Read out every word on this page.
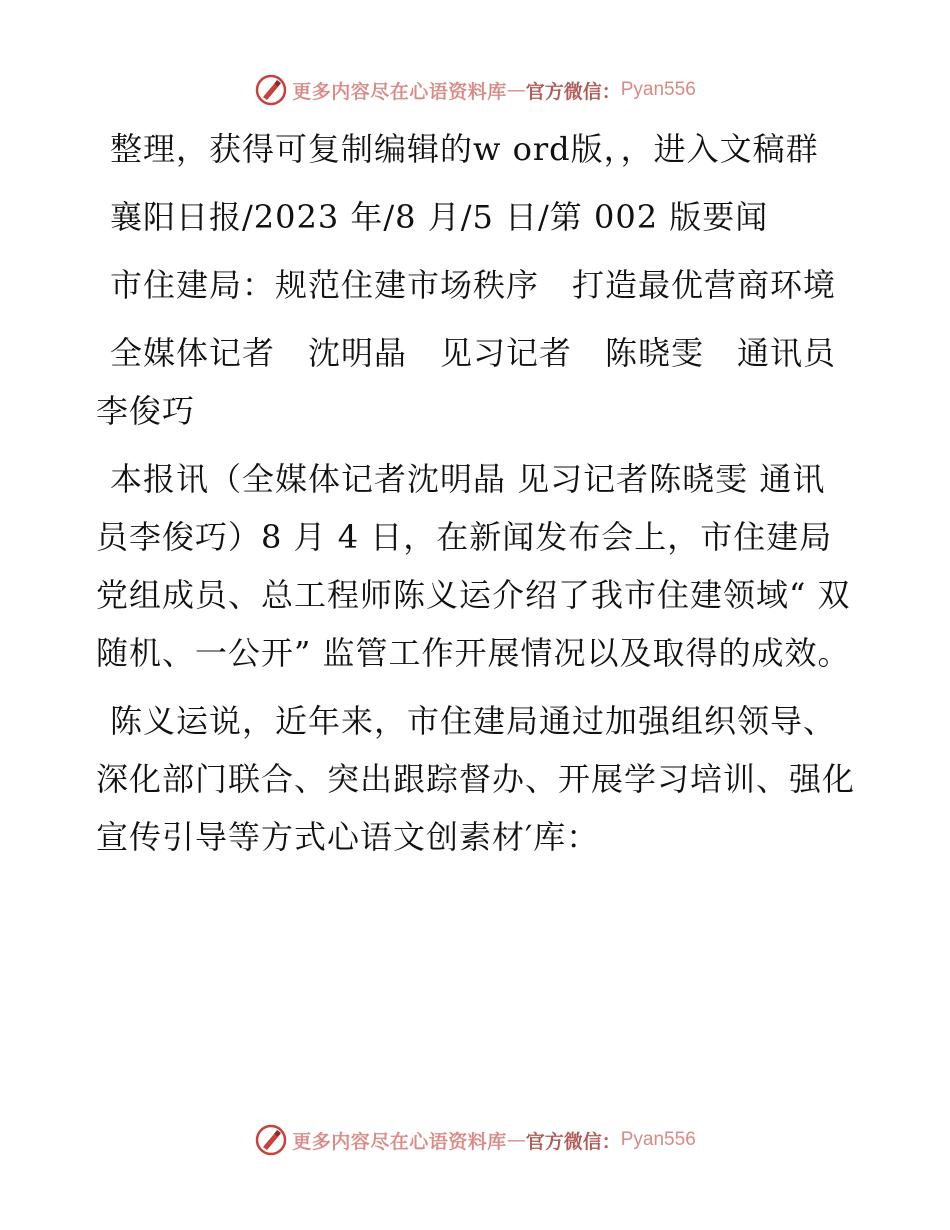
更多内容尽在心语资料库 — 官方微信： Pyan556

整理，获得可复制编辑的w ord版，，进入文稿群

襄阳日报/2023 年/8 月/5 日/第 002 版要闻

市住建局：规范住建市场秩序　打造最优营商环境

全媒体记者　沈明晶　见习记者　陈晓雯　通讯员　李俊巧

本报讯（全媒体记者沈明晶 见习记者陈晓雯 通讯员李俊巧）8 月 4 日，在新闻发布会上，市住建局党组成员、总工程师陈义运介绍了我市住建领域“ 双随机、一公开” 监管工作开展情况以及取得的成效。

陈义运说，近年来，市住建局通过加强组织领导、深化部门联合、突出跟踪督办、开展学习培训、强化宣传引导等方式心语文创素材′库：

更多内容尽在心语资料库 — 官方微信： Pyan556
